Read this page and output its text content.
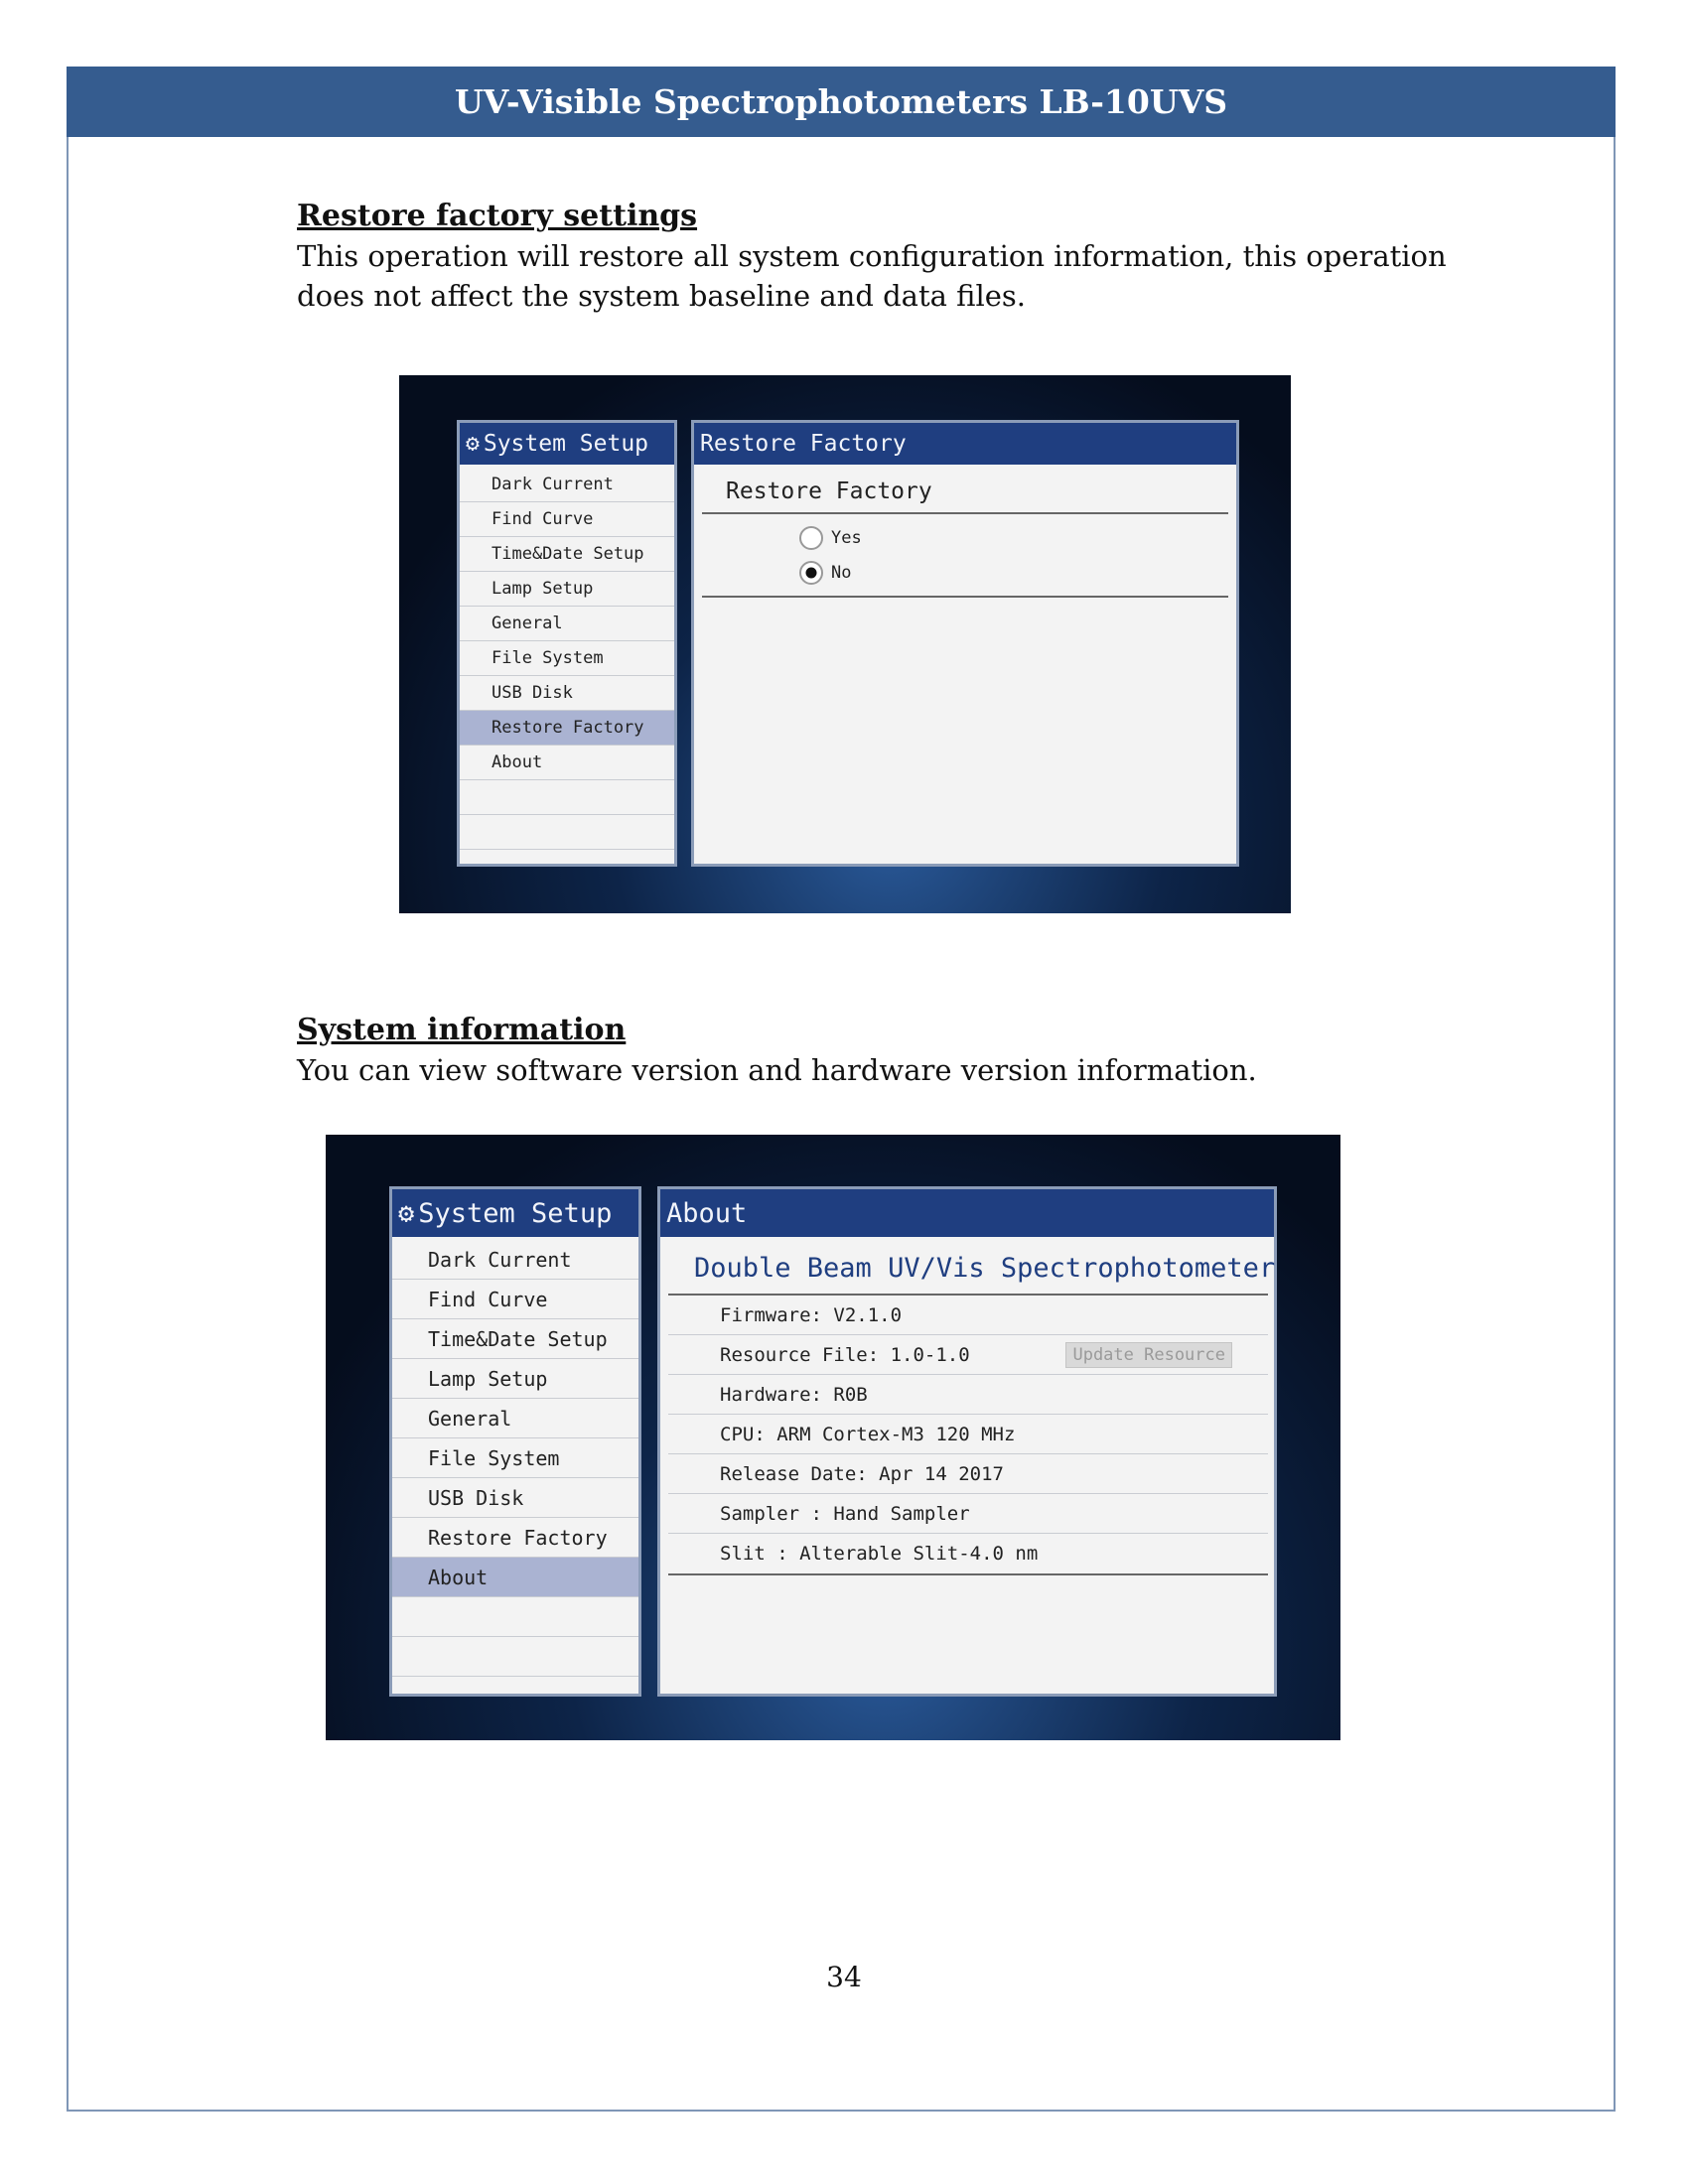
UV-Visible Spectrophotometers LB-10UVS
Restore factory settings
This operation will restore all system configuration information, this operation does not affect the system baseline and data files.
⚙ System Setup
Dark Current
Find Curve
Time&Date Setup
Lamp Setup
General
File System
USB Disk
Restore Factory
About
Restore Factory
Restore Factory
Yes
No
System information
You can view software version and hardware version information.
⚙ System Setup
Dark Current
Find Curve
Time&Date Setup
Lamp Setup
General
File System
USB Disk
Restore Factory
About
About
Double Beam UV/Vis Spectrophotometer
Firmware: V2.1.0
Resource File: 1.0-1.0	Update Resource
Hardware: R0B
CPU: ARM Cortex-M3 120 MHz
Release Date: Apr 14 2017
Sampler : Hand Sampler
Slit : Alterable Slit-4.0 nm
34
